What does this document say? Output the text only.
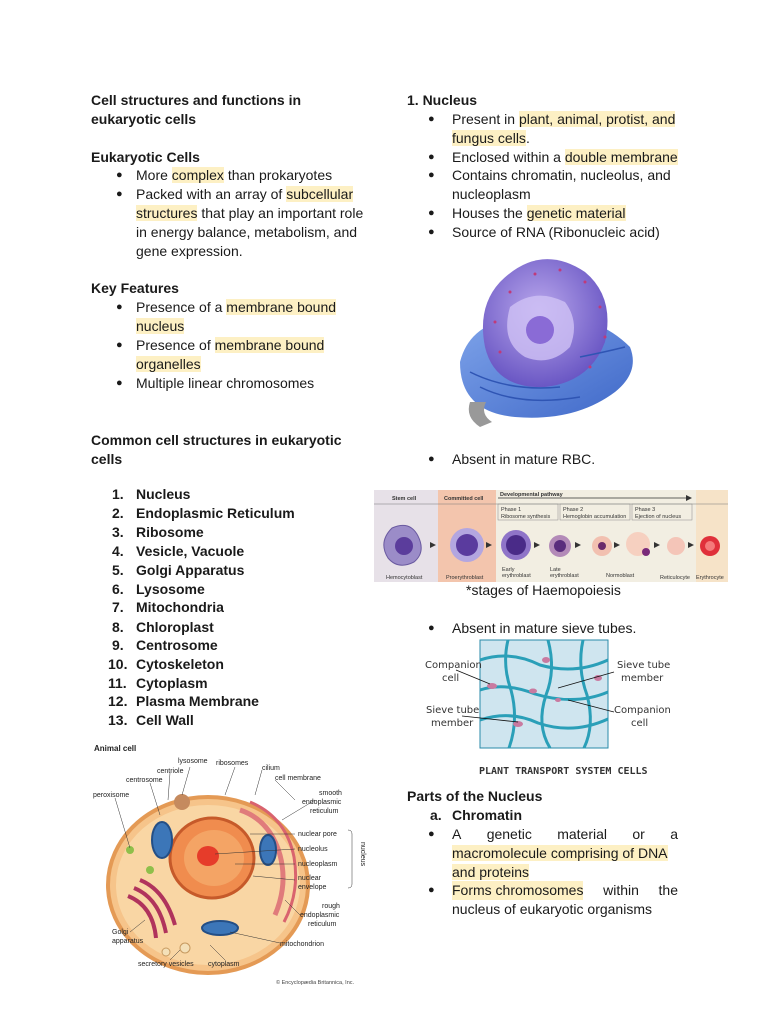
Cell structures and functions in
eukaryotic cells
Eukaryotic Cells
● More complex than prokaryotes
● Packed with an array of subcellular
structures that play an important role
in energy balance, metabolism, and
gene expression.
Key Features
● Presence of a membrane bound
nucleus
● Presence of membrane bound
organelles
● Multiple linear chromosomes
Common cell structures in eukaryotic
cells
1. Nucleus
2. Endoplasmic Reticulum
3. Ribosome
4. Vesicle, Vacuole
5. Golgi Apparatus
6. Lysosome
7. Mitochondria
8. Chloroplast
9. Centrosome
10. Cytoskeleton
11. Cytoplasm
12. Plasma Membrane
13. Cell Wall
Animal cell
lysosome ribosomes
centriole	cilium
centrosome	cell membrane
peroxisome	smooth
endoplasmic
reticulum
nuclear pore
nucleolus
nucleoplasm
nuclear
envelope
nucleus
rough
endoplasmic
reticulum
Golgi
apparatus	mitochondrion
secretory vesicles cytoplasm
© Encyclopædia Britannica, Inc.
1. Nucleus
● Present in plant, animal, protist, and
fungus cells.
● Enclosed within a double membrane
● Contains chromatin, nucleolus, and
nucleoplasm
● Houses the genetic material
● Source of RNA (Ribonucleic acid)
● Absent in mature RBC.
Stem cell	Committed cell
Developmental pathway
Phase 1
Ribosome synthesis
Phase 2
Hemoglobin accumulation
Phase 3
Ejection of nucleus
Hemocytoblast	Proerythroblast
Early
erythroblast
Late
erythroblast	Normoblast	Reticulocyte Erythrocyte
*stages of Haemopoiesis
● Absent in mature sieve tubes.
Companion
cell
Sieve tube
member
Sieve tube
member
Companion
cell
PLANT TRANSPORT SYSTEM CELLS
Parts of the Nucleus
a. Chromatin
● A genetic material or a
macromolecule comprising of DNA
and proteins
● Forms chromosomes within the
nucleus of eukaryotic organisms
